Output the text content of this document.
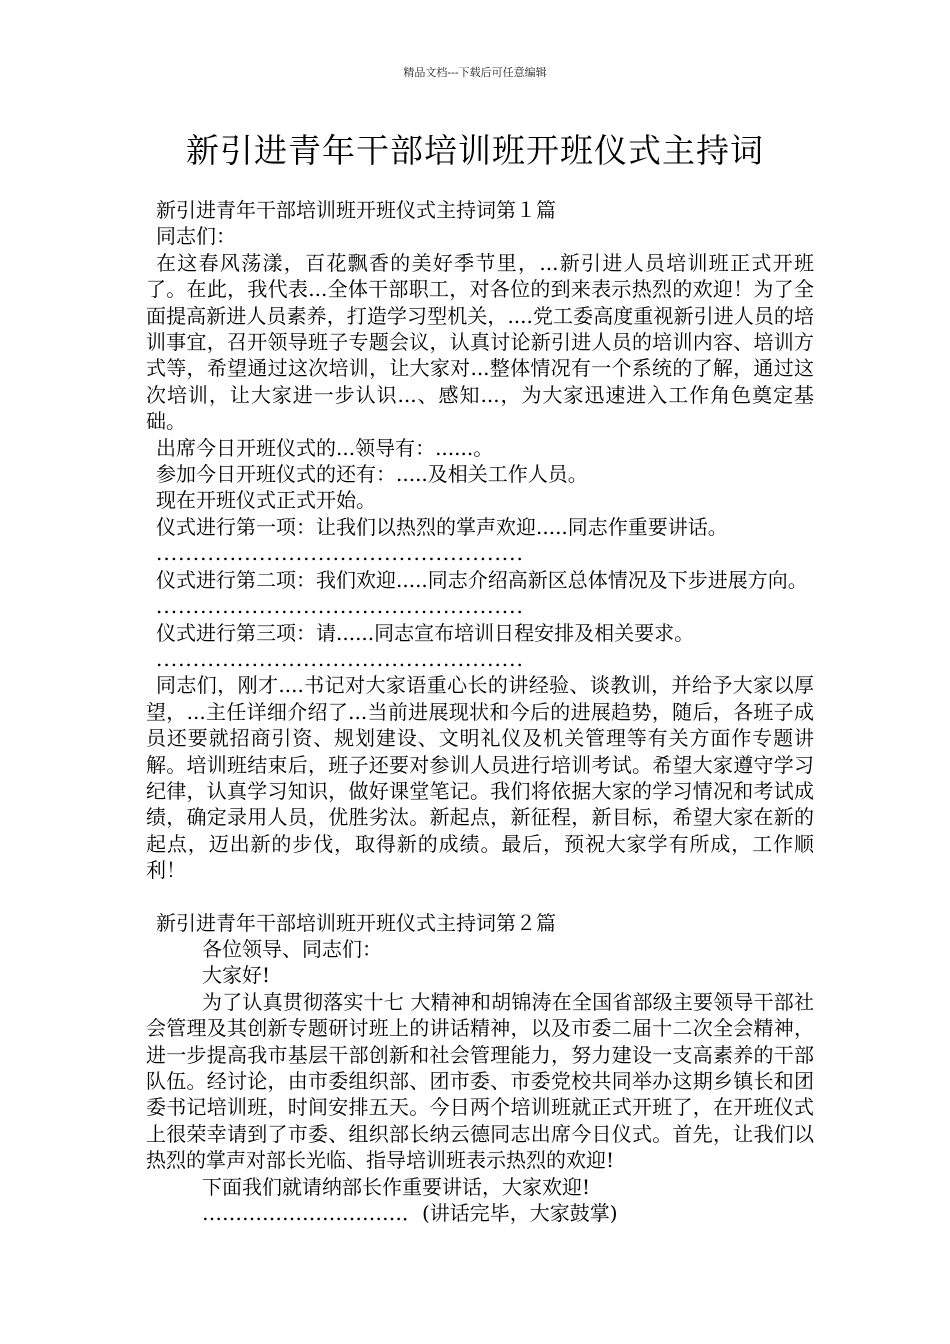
精品文档---下载后可任意编辑
新引进青年干部培训班开班仪式主持词

新引进青年干部培训班开班仪式主持词第１篇

同志们：

在这春风荡漾，百花飘香的美好季节里，...新引进人员培训班正式开班了。在此，我代表...全体干部职工，对各位的到来表示热烈的欢迎！为了全面提高新进人员素养，打造学习型机关，....党工委高度重视新引进人员的培训事宜，召开领导班子专题会议，认真讨论新引进人员的培训内容、培训方式等，希望通过这次培训，让大家对...整体情况有一个系统的了解，通过这次培训，让大家进一步认识...、感知...，为大家迅速进入工作角色奠定基础。

出席今日开班仪式的...领导有：......。

参加今日开班仪式的还有：.....及相关工作人员。

现在开班仪式正式开始。

仪式进行第一项：让我们以热烈的掌声欢迎.....同志作重要讲话。

..................................................

仪式进行第二项：我们欢迎.....同志介绍高新区总体情况及下步进展方向。

..................................................

仪式进行第三项：请......同志宣布培训日程安排及相关要求。

..................................................

同志们，刚才....书记对大家语重心长的讲经验、谈教训，并给予大家以厚望，...主任详细介绍了...当前进展现状和今后的进展趋势，随后，各班子成员还要就招商引资、规划建设、文明礼仪及机关管理等有关方面作专题讲解。培训班结束后，班子还要对参训人员进行培训考试。希望大家遵守学习纪律，认真学习知识，做好课堂笔记。我们将依据大家的学习情况和考试成绩，确定录用人员，优胜劣汰。新起点，新征程，新目标，希望大家在新的起点，迈出新的步伐，取得新的成绩。最后，预祝大家学有所成，工作顺利！

新引进青年干部培训班开班仪式主持词第２篇

各位领导、同志们：

大家好!

为了认真贯彻落实十七 大精神和胡锦涛在全国省部级主要领导干部社会管理及其创新专题研讨班上的讲话精神，以及市委二届十二次全会精神，进一步提高我市基层干部创新和社会管理能力，努力建设一支高素养的干部队伍。经讨论，由市委组织部、团市委、市委党校共同举办这期乡镇长和团委书记培训班，时间安排五天。今日两个培训班就正式开班了，在开班仪式上很荣幸请到了市委、组织部长纳云德同志出席今日仪式。首先，让我们以热烈的掌声对部长光临、指导培训班表示热烈的欢迎!

下面我们就请纳部长作重要讲话，大家欢迎!

…………………………．(讲话完毕，大家鼓掌)
